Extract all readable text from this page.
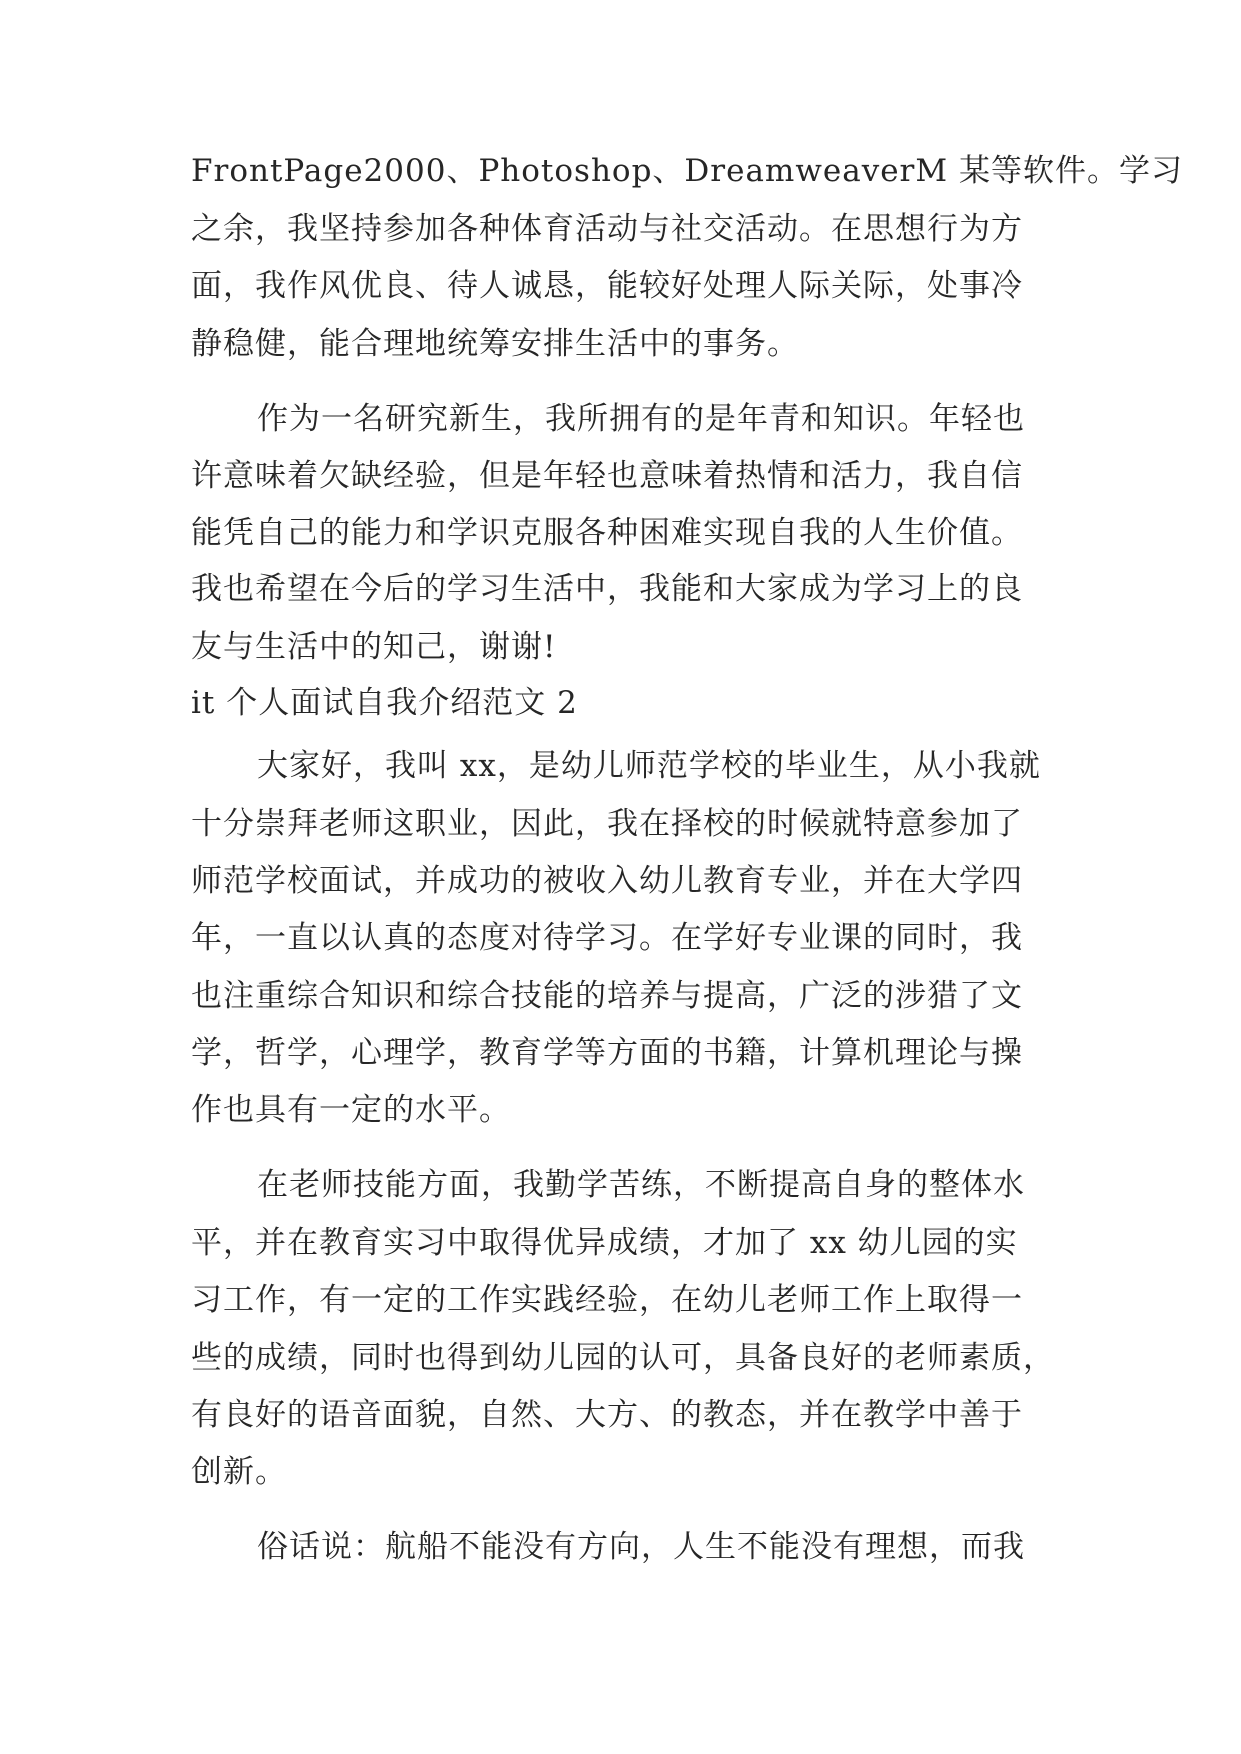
FrontPage2000、Photoshop、DreamweaverM 某等软件。学习
之余，我坚持参加各种体育活动与社交活动。在思想行为方
面，我作风优良、待人诚恳，能较好处理人际关际，处事冷
静稳健，能合理地统筹安排生活中的事务。
作为一名研究新生，我所拥有的是年青和知识。年轻也
许意味着欠缺经验，但是年轻也意味着热情和活力，我自信
能凭自己的能力和学识克服各种困难实现自我的人生价值。
我也希望在今后的学习生活中，我能和大家成为学习上的良
友与生活中的知己，谢谢!
it 个人面试自我介绍范文 2
大家好，我叫 xx，是幼儿师范学校的毕业生，从小我就
十分崇拜老师这职业，因此，我在择校的时候就特意参加了
师范学校面试，并成功的被收入幼儿教育专业，并在大学四
年，一直以认真的态度对待学习。在学好专业课的同时，我
也注重综合知识和综合技能的培养与提高，广泛的涉猎了文
学，哲学，心理学，教育学等方面的书籍，计算机理论与操
作也具有一定的水平。
在老师技能方面，我勤学苦练，不断提高自身的整体水
平，并在教育实习中取得优异成绩，才加了 xx 幼儿园的实
习工作，有一定的工作实践经验，在幼儿老师工作上取得一
些的成绩，同时也得到幼儿园的认可，具备良好的老师素质，
有良好的语音面貌，自然、大方、的教态，并在教学中善于
创新。
俗话说：航船不能没有方向，人生不能没有理想，而我
